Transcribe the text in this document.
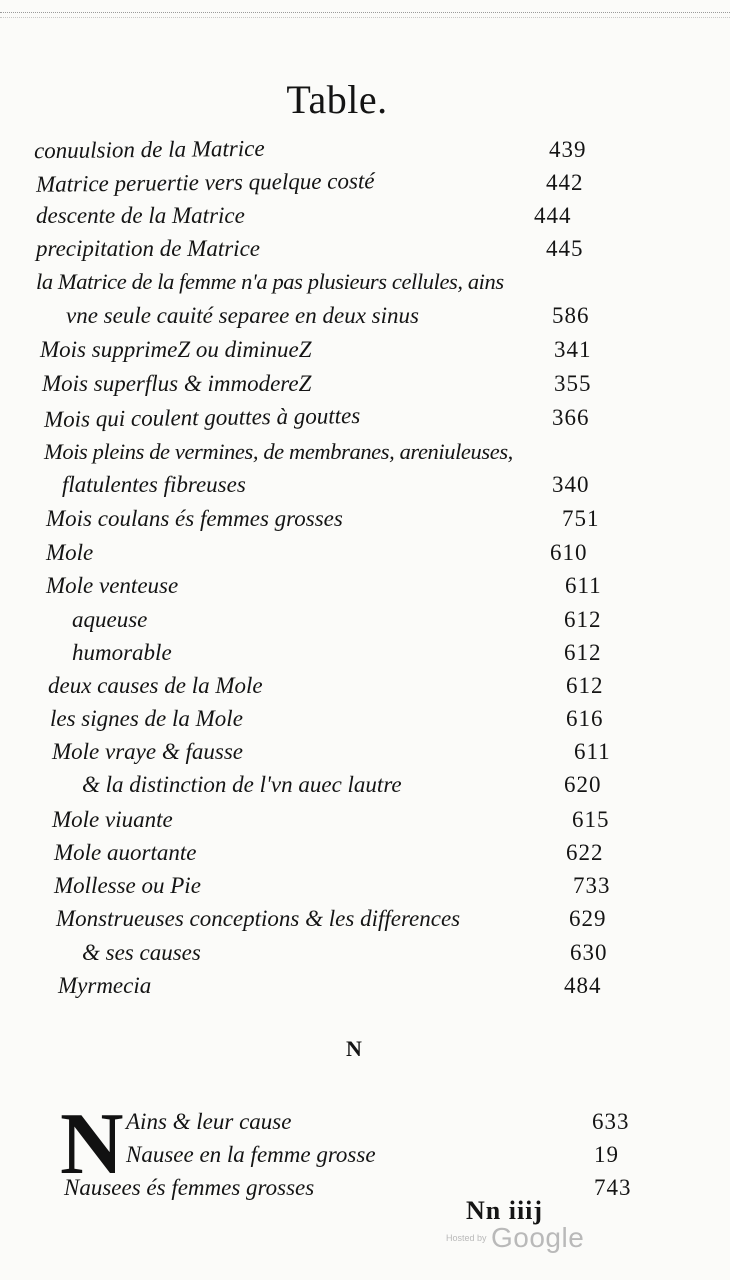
Table.
conuulsion de la Matrice	439
Matrice peruertie vers quelque costé	442
descente de la Matrice	444
precipitation de Matrice	445
la Matrice de la femme n'a pas plusieurs cellules, ains
vne seule cauité separee en deux sinus	586
Mois supprimeZ ou diminueZ	341
Mois superflus & immodereZ	355
Mois qui coulent gouttes à gouttes	366
Mois pleins de vermines, de membranes, areniuleuses,
flatulentes fibreuses	340
Mois coulans és femmes grosses	751
Mole	610
Mole venteuse	611
aqueuse	612
humorable	612
deux causes de la Mole	612
les signes de la Mole	616
Mole vraye & fausse	611
& la distinction de l'vn auec lautre	620
Mole viuante	615
Mole auortante	622
Mollesse ou Pie	733
Monstrueuses conceptions & les differences	629
& ses causes	630
Myrmecia	484
Ains & leur cause	633
Nausee en la femme grosse	19
Nausees és femmes grosses	743
N
N
Nn iiij
Hosted by Google
